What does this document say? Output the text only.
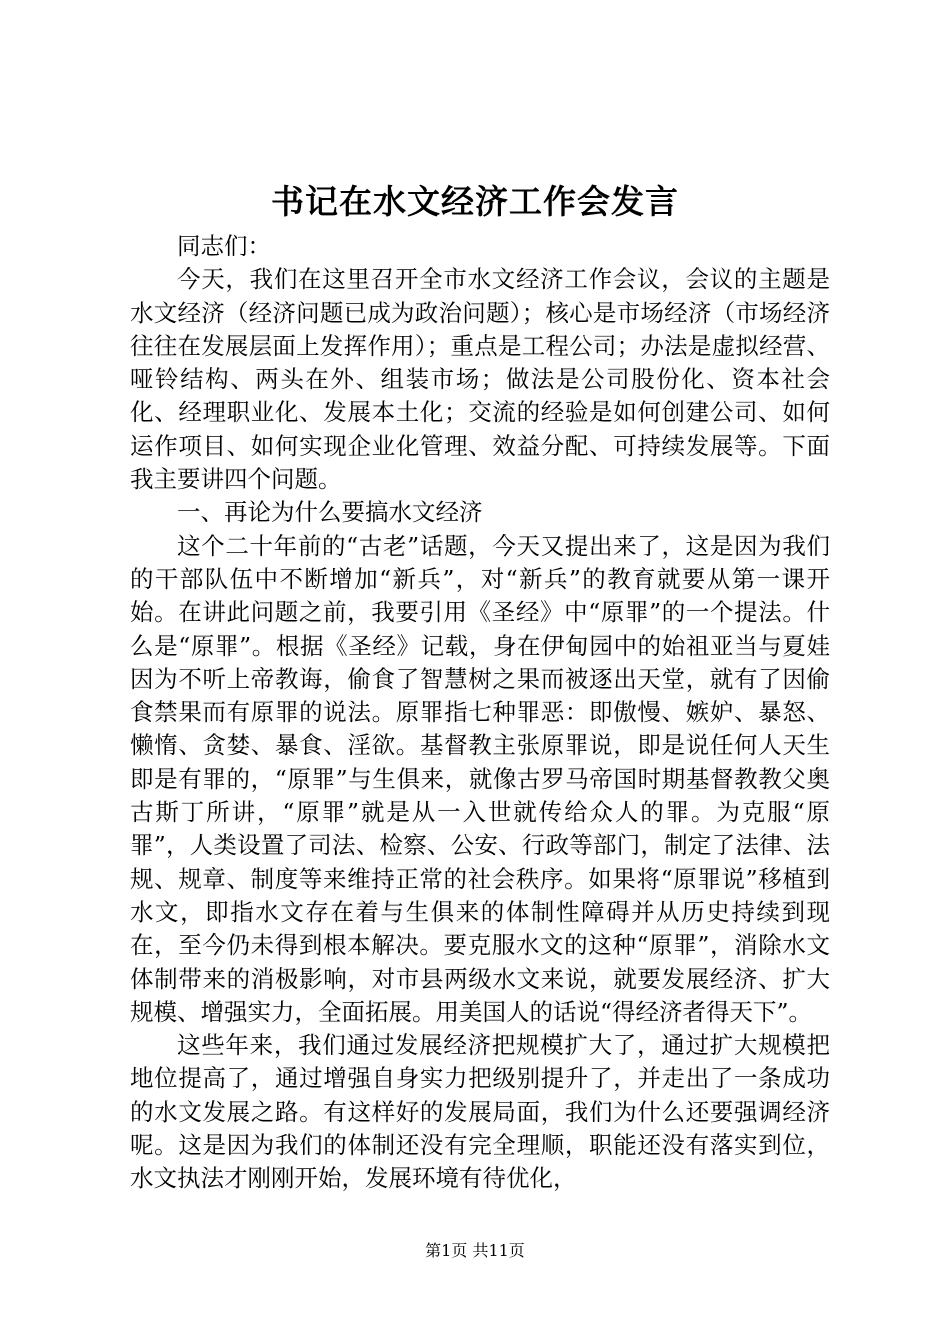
书记在水文经济工作会发言

同志们：

今天，我们在这里召开全市水文经济工作会议，会议的主题是水文经济（经济问题已成为政治问题）；核心是市场经济（市场经济往往在发展层面上发挥作用）；重点是工程公司；办法是虚拟经营、哑铃结构、两头在外、组装市场；做法是公司股份化、资本社会化、经理职业化、发展本土化；交流的经验是如何创建公司、如何运作项目、如何实现企业化管理、效益分配、可持续发展等。下面我主要讲四个问题。

一、再论为什么要搞水文经济

这个二十年前的“古老”话题，今天又提出来了，这是因为我们的干部队伍中不断增加“新兵”，对“新兵”的教育就要从第一课开始。在讲此问题之前，我要引用《圣经》中“原罪”的一个提法。什么是“原罪”。根据《圣经》记载，身在伊甸园中的始祖亚当与夏娃因为不听上帝教诲，偷食了智慧树之果而被逐出天堂，就有了因偷食禁果而有原罪的说法。原罪指七种罪恶：即傲慢、嫉妒、暴怒、懒惰、贪婪、暴食、淫欲。基督教主张原罪说，即是说任何人天生即是有罪的，“原罪”与生俱来，就像古罗马帝国时期基督教教父奥古斯丁所讲，“原罪”就是从一入世就传给众人的罪。为克服“原罪”，人类设置了司法、检察、公安、行政等部门，制定了法律、法规、规章、制度等来维持正常的社会秩序。如果将“原罪说”移植到水文，即指水文存在着与生俱来的体制性障碍并从历史持续到现在，至今仍未得到根本解决。要克服水文的这种“原罪”，消除水文体制带来的消极影响，对市县两级水文来说，就要发展经济、扩大规模、增强实力，全面拓展。用美国人的话说“得经济者得天下”。

这些年来，我们通过发展经济把规模扩大了，通过扩大规模把地位提高了，通过增强自身实力把级别提升了，并走出了一条成功的水文发展之路。有这样好的发展局面，我们为什么还要强调经济呢。这是因为我们的体制还没有完全理顺，职能还没有落实到位，水文执法才刚刚开始，发展环境有待优化，

第1页 共11页
